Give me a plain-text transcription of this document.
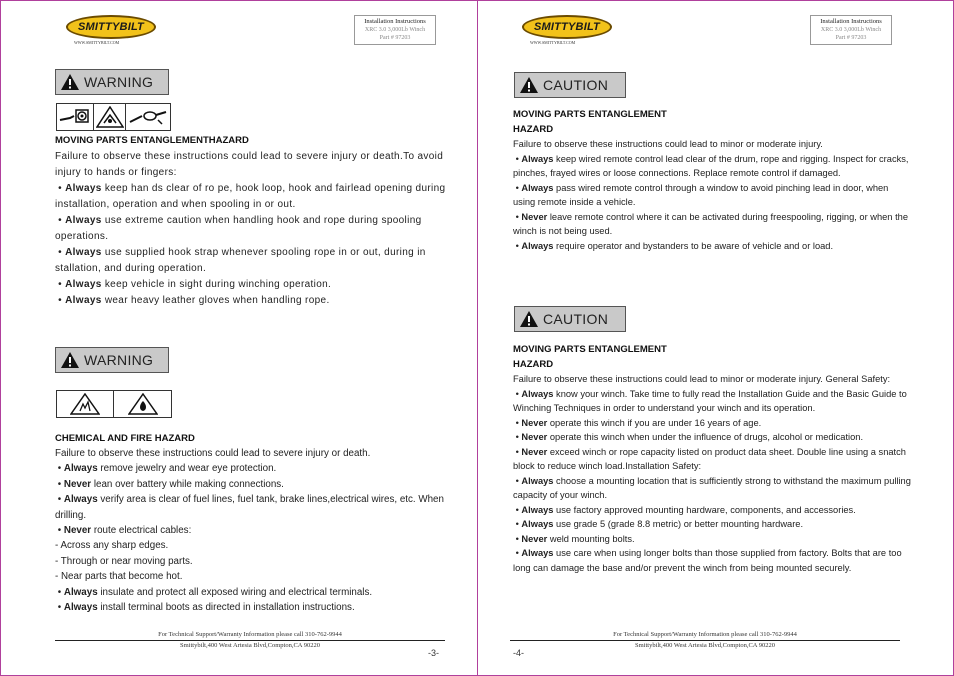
SMITTYBILT
WWW.SMITTYBILT.COM
Installation Instructions
XRC 3.0 3,000Lb Winch
Part # 97203
WARNING
MOVING PARTS ENTANGLEMENTHAZARD

Failure to observe these instructions could lead to severe injury or death.To avoid injury to hands or fingers:

• Always keep han ds clear of ro pe, hook loop, hook and fairlead opening during installation, operation and when spooling in or out.

• Always use extreme caution when handling hook and rope during spooling operations.

• Always use supplied hook strap whenever spooling rope in or out, during in stallation, and during operation.

• Always keep vehicle in sight during winching operation.

• Always wear heavy leather gloves when handling rope.

WARNING
CHEMICAL AND FIRE HAZARD

Failure to observe these instructions could lead to severe injury or death.

• Always remove jewelry and wear eye protection.

• Never lean over battery while making connections.

• Always verify area is clear of fuel lines, fuel tank, brake lines,electrical wires, etc. When drilling.

• Never route electrical cables:

- Across any sharp edges.

- Through or near moving parts.

- Near parts that become hot.

• Always insulate and protect all exposed wiring and electrical terminals.

• Always install terminal boots as directed in installation instructions.

For Technical Support/Warranty Information please call 310-762-9944
Smittybilt,400 West Artesia Blvd,Compton,CA 90220
-3-
SMITTYBILT
WWW.SMITTYBILT.COM
Installation Instructions
XRC 3.0 3,000Lb Winch
Part # 97203
CAUTION
MOVING PARTS ENTANGLEMENT
HAZARD

Failure to observe these instructions could lead to minor or moderate injury.

• Always keep wired remote control lead clear of the drum, rope and rigging. Inspect for cracks, pinches, frayed wires or loose connections. Replace remote control if damaged.

• Always pass wired remote control through a window to avoid pinching lead in door, when using remote inside a vehicle.

• Never leave remote control where it can be activated during freespooling, rigging, or when the winch is not being used.

• Always require operator and bystanders to be aware of vehicle and or load.

CAUTION
MOVING PARTS ENTANGLEMENT
HAZARD

Failure to observe these instructions could lead to minor or moderate injury. General Safety:

• Always know your winch. Take time to fully read the Installation Guide and the Basic Guide to Winching Techniques in order to understand your winch and its operation.

• Never operate this winch if you are under 16 years of age.

• Never operate this winch when under the influence of drugs, alcohol or medication.

• Never exceed winch or rope capacity listed on product data sheet. Double line using a snatch block to reduce winch load.Installation Safety:

• Always choose a mounting location that is sufficiently strong to withstand the maximum pulling capacity of your winch.

• Always use factory approved mounting hardware, components, and accessories.

• Always use grade 5 (grade 8.8 metric) or better mounting hardware.

• Never weld mounting bolts.

• Always use care when using longer bolts than those supplied from factory. Bolts that are too long can damage the base and/or prevent the winch from being mounted securely.

For Technical Support/Warranty Information please call 310-762-9944
Smittybilt,400 West Artesia Blvd,Compton,CA 90220
-4-
